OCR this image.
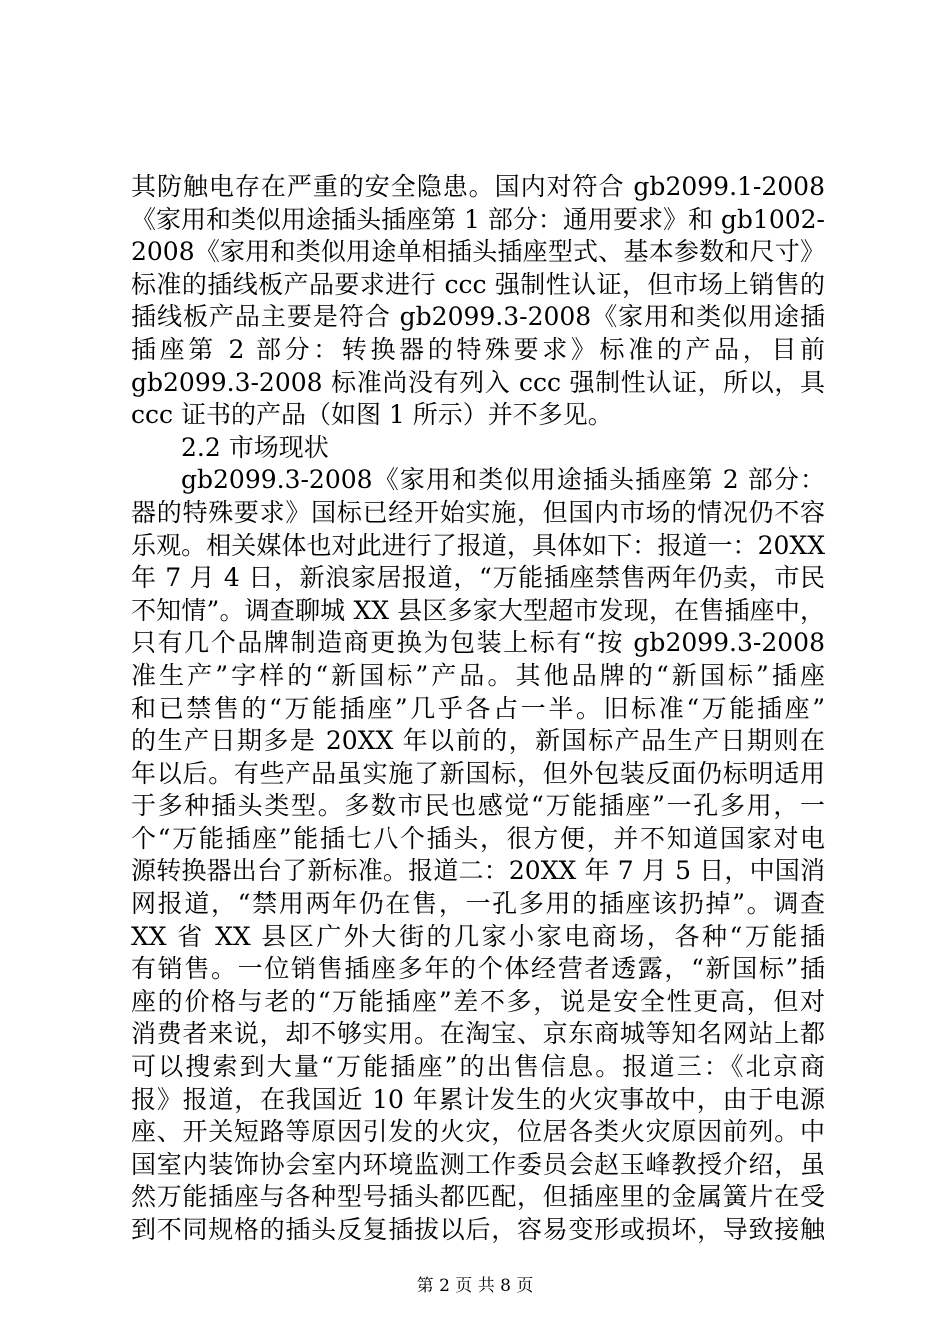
其防触电存在严重的安全隐患。国内对符合 gb2099.1-2008
《家用和类似用途插头插座第 1 部分：通用要求》和 gb1002-
2008《家用和类似用途单相插头插座型式、基本参数和尺寸》
标准的插线板产品要求进行 ccc 强制性认证，但市场上销售的
插线板产品主要是符合 gb2099.3-2008《家用和类似用途插
插座第 2 部分：转换器的特殊要求》标准的产品，目前
gb2099.3-2008 标准尚没有列入 ccc 强制性认证，所以，具
ccc 证书的产品（如图 1 所示）并不多见。
2.2 市场现状
gb2099.3-2008《家用和类似用途插头插座第 2 部分：
器的特殊要求》国标已经开始实施，但国内市场的情况仍不容
乐观。相关媒体也对此进行了报道，具体如下：报道一：20XX
年 7 月 4 日，新浪家居报道，“万能插座禁售两年仍卖，市民
不知情”。调查聊城 XX 县区多家大型超市发现，在售插座中，
只有几个品牌制造商更换为包装上标有“按 gb2099.3-2008
准生产”字样的“新国标”产品。其他品牌的“新国标”插座
和已禁售的“万能插座”几乎各占一半。旧标准“万能插座”
的生产日期多是 20XX 年以前的，新国标产品生产日期则在
年以后。有些产品虽实施了新国标，但外包装反面仍标明适用
于多种插头类型。多数市民也感觉“万能插座”一孔多用，一
个“万能插座”能插七八个插头，很方便，并不知道国家对电
源转换器出台了新标准。报道二：20XX 年 7 月 5 日，中国消
网报道，“禁用两年仍在售，一孔多用的插座该扔掉”。调查
XX 省 XX 县区广外大街的几家小家电商场，各种“万能插
有销售。一位销售插座多年的个体经营者透露，“新国标”插
座的价格与老的“万能插座”差不多，说是安全性更高，但对
消费者来说，却不够实用。在淘宝、京东商城等知名网站上都
可以搜索到大量“万能插座”的出售信息。报道三：《北京商
报》报道，在我国近 10 年累计发生的火灾事故中，由于电源
座、开关短路等原因引发的火灾，位居各类火灾原因前列。中
国室内装饰协会室内环境监测工作委员会赵玉峰教授介绍，虽
然万能插座与各种型号插头都匹配，但插座里的金属簧片在受
到不同规格的插头反复插拔以后，容易变形或损坏，导致接触
第 2 页 共 8 页
